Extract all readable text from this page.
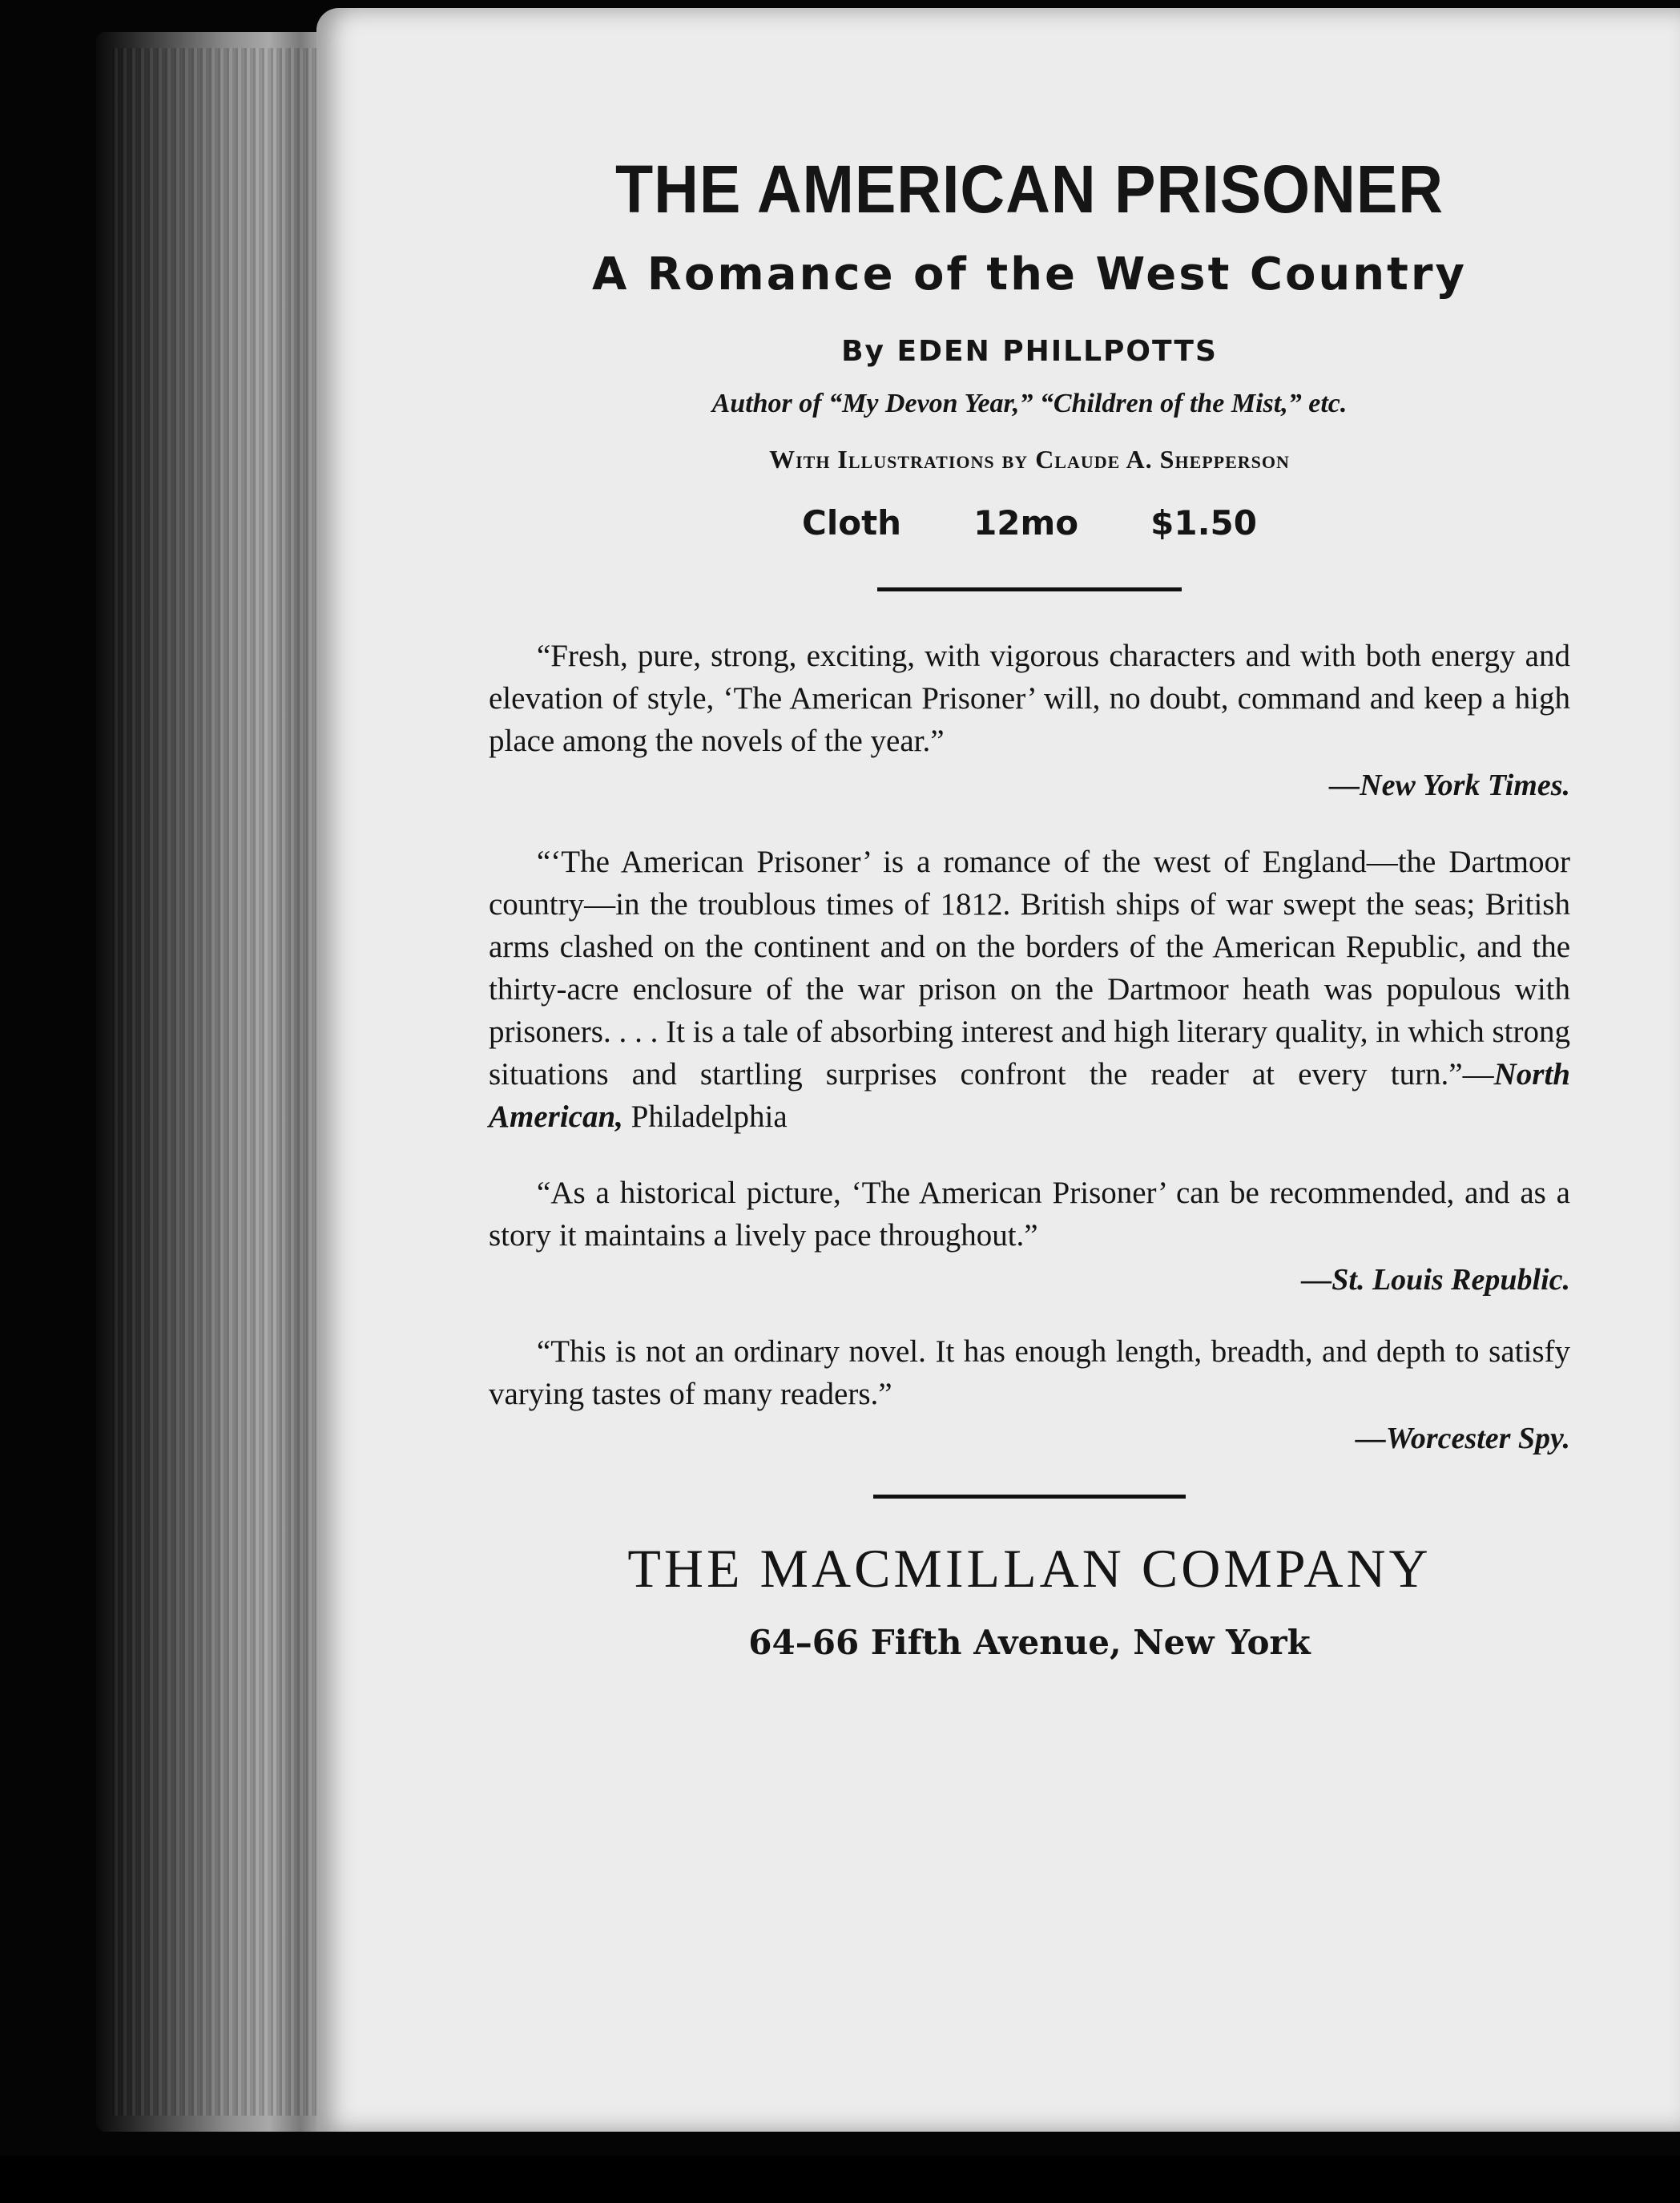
THE AMERICAN PRISONER
A Romance of the West Country
By EDEN PHILLPOTTS
Author of “My Devon Year,” “Children of the Mist,” etc.
With Illustrations by Claude A. Shepperson
Cloth 12mo $1.50
“Fresh, pure, strong, exciting, with vigorous characters and with both energy and elevation of style, ‘The American Prisoner’ will, no doubt, command and keep a high place among the novels of the year.”
—New York Times.
“‘The American Prisoner’ is a romance of the west of England—the Dartmoor country—in the troublous times of 1812. British ships of war swept the seas; British arms clashed on the continent and on the borders of the American Republic, and the thirty-acre enclosure of the war prison on the Dartmoor heath was populous with prisoners. . . . It is a tale of absorbing interest and high literary quality, in which strong situations and startling surprises confront the reader at every turn.”—North American, Philadelphia
“As a historical picture, ‘The American Prisoner’ can be recommended, and as a story it maintains a lively pace throughout.”
—St. Louis Republic.
“This is not an ordinary novel. It has enough length, breadth, and depth to satisfy varying tastes of many readers.”
—Worcester Spy.
THE MACMILLAN COMPANY
64–66 Fifth Avenue, New York
